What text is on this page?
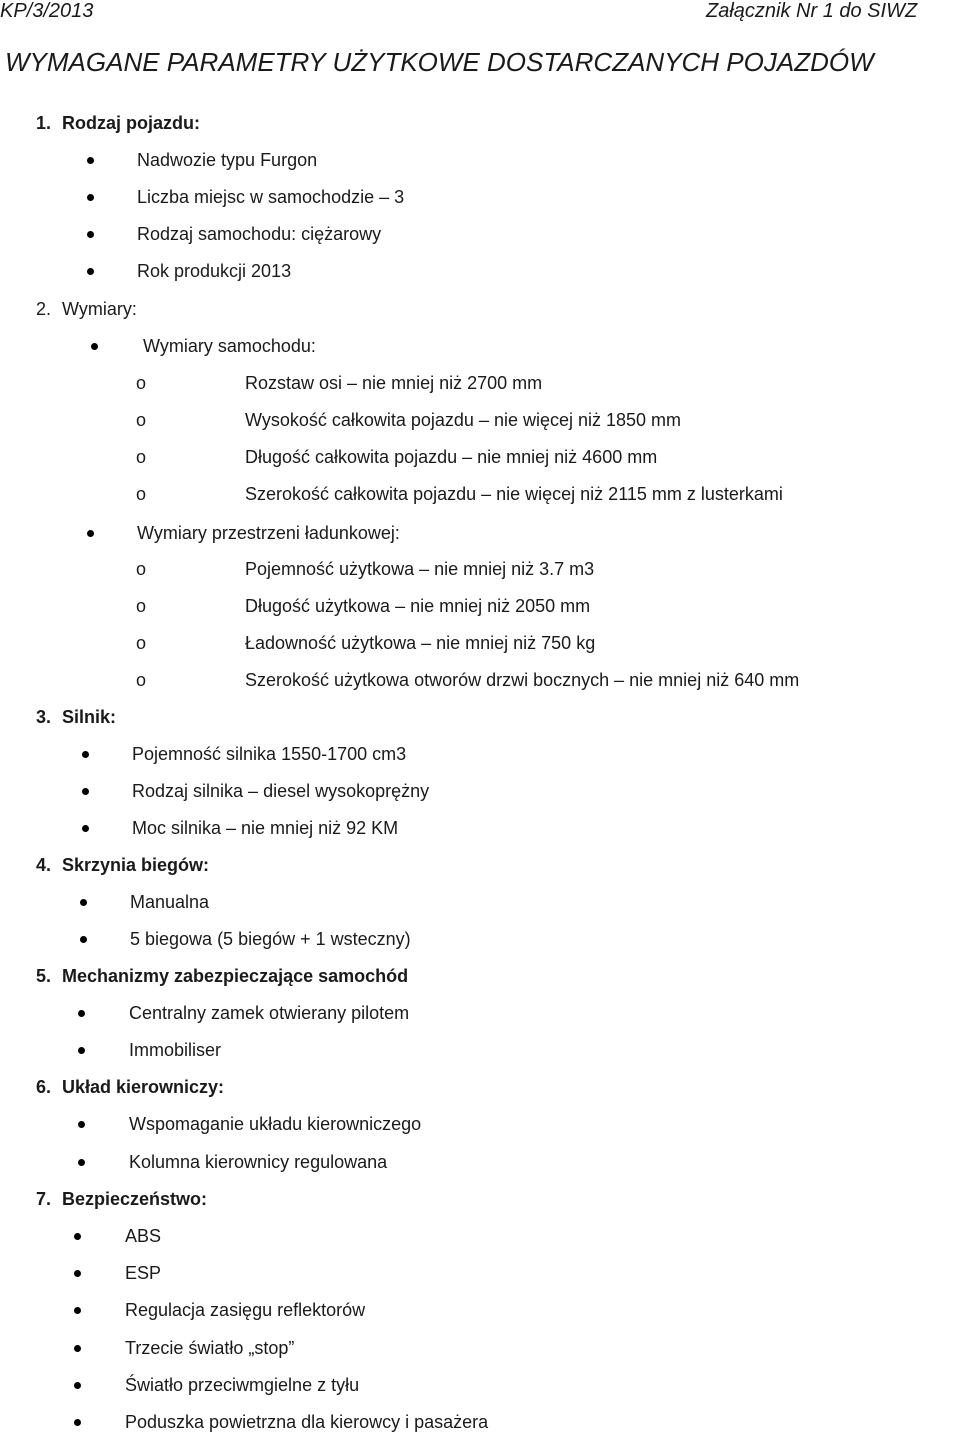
KP/3/2013	Załącznik Nr 1 do SIWZ
WYMAGANE PARAMETRY UŻYTKOWE DOSTARCZANYCH POJAZDÓW
1. Rodzaj pojazdu:
Nadwozie typu Furgon
Liczba miejsc w samochodzie – 3
Rodzaj samochodu: ciężarowy
Rok produkcji 2013
2. Wymiary:
Wymiary samochodu:
o	Rozstaw osi – nie mniej niż 2700 mm
o	Wysokość całkowita pojazdu – nie więcej niż 1850 mm
o	Długość całkowita pojazdu – nie mniej niż 4600 mm
o	Szerokość całkowita pojazdu – nie więcej niż 2115 mm z lusterkami
Wymiary przestrzeni ładunkowej:
o	Pojemność użytkowa – nie mniej niż 3.7 m3
o	Długość użytkowa – nie mniej niż 2050 mm
o	Ładowność użytkowa – nie mniej niż 750 kg
o	Szerokość użytkowa otworów drzwi bocznych – nie mniej niż 640 mm
3. Silnik:
Pojemność silnika 1550-1700 cm3
Rodzaj silnika – diesel wysokoprężny
Moc silnika – nie mniej niż 92 KM
4. Skrzynia biegów:
Manualna
5 biegowa (5 biegów + 1 wsteczny)
5. Mechanizmy zabezpieczające samochód
Centralny zamek otwierany pilotem
Immobiliser
6. Układ kierowniczy:
Wspomaganie układu kierowniczego
Kolumna kierownicy regulowana
7. Bezpieczeństwo:
ABS
ESP
Regulacja zasięgu reflektorów
Trzecie światło „stop”
Światło przeciwmgielne z tyłu
Poduszka powietrzna dla kierowcy i pasażera
